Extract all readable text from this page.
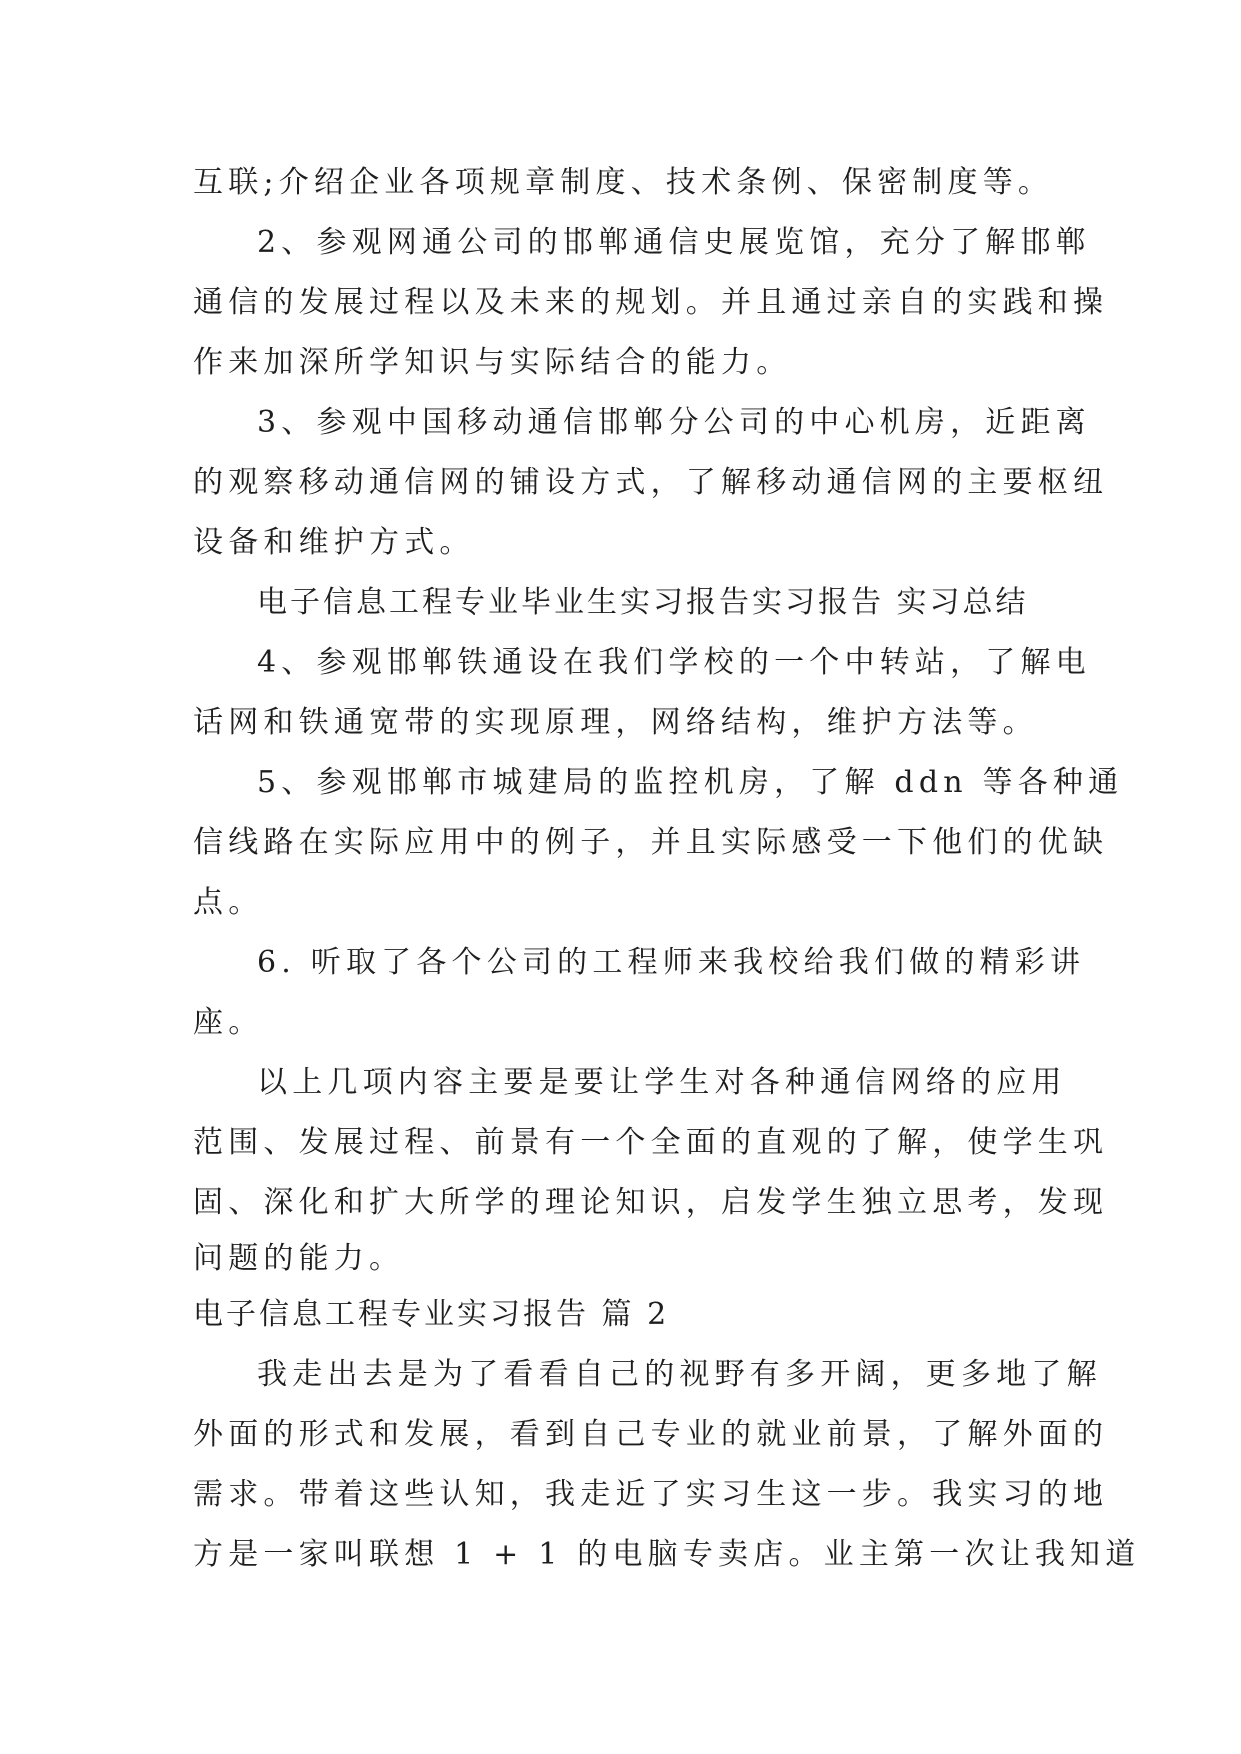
互联;介绍企业各项规章制度、技术条例、保密制度等。
2、参观网通公司的邯郸通信史展览馆，充分了解邯郸
通信的发展过程以及未来的规划。并且通过亲自的实践和操
作来加深所学知识与实际结合的能力。
3、参观中国移动通信邯郸分公司的中心机房，近距离
的观察移动通信网的铺设方式，了解移动通信网的主要枢纽
设备和维护方式。
电子信息工程专业毕业生实习报告实习报告 实习总结
4、参观邯郸铁通设在我们学校的一个中转站，了解电
话网和铁通宽带的实现原理，网络结构，维护方法等。
5、参观邯郸市城建局的监控机房，了解 ddn 等各种通
信线路在实际应用中的例子，并且实际感受一下他们的优缺
点。
6. 听取了各个公司的工程师来我校给我们做的精彩讲
座。
以上几项内容主要是要让学生对各种通信网络的应用
范围、发展过程、前景有一个全面的直观的了解，使学生巩
固、深化和扩大所学的理论知识，启发学生独立思考，发现
问题的能力。
电子信息工程专业实习报告 篇 2
我走出去是为了看看自己的视野有多开阔，更多地了解
外面的形式和发展，看到自己专业的就业前景，了解外面的
需求。带着这些认知，我走近了实习生这一步。我实习的地
方是一家叫联想 1 + 1 的电脑专卖店。业主第一次让我知道
